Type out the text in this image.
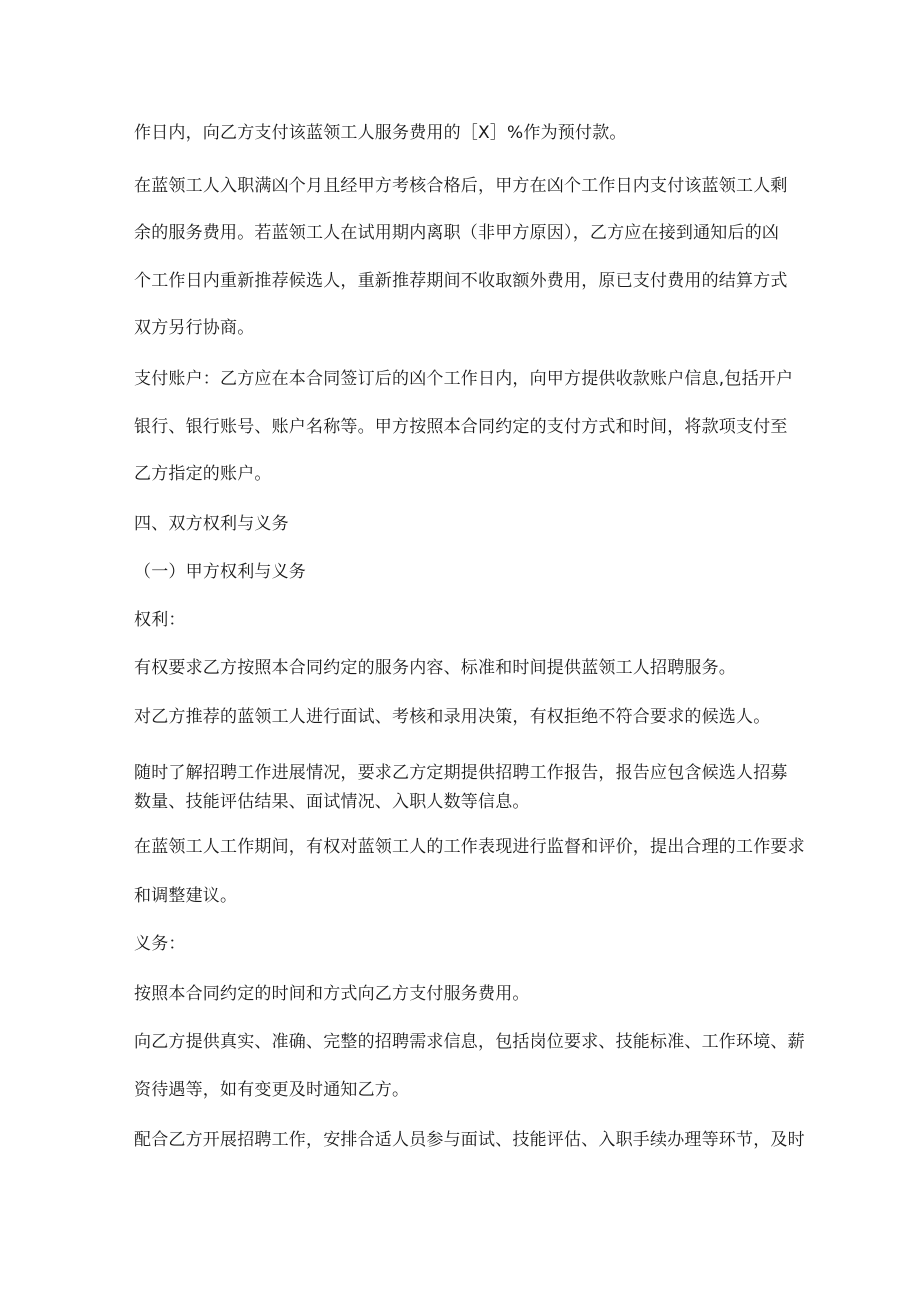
作日内，向乙方支付该蓝领工人服务费用的［X］%作为预付款。

在蓝领工人入职满凶个月且经甲方考核合格后，甲方在凶个工作日内支付该蓝领工人剩

余的服务费用。若蓝领工人在试用期内离职（非甲方原因），乙方应在接到通知后的凶

个工作日内重新推荐候选人，重新推荐期间不收取额外费用，原已支付费用的结算方式

双方另行协商。

支付账户：乙方应在本合同签订后的凶个工作日内，向甲方提供收款账户信息,包括开户

银行、银行账号、账户名称等。甲方按照本合同约定的支付方式和时间，将款项支付至

乙方指定的账户。

四、双方权利与义务

（一）甲方权利与义务

权利：

有权要求乙方按照本合同约定的服务内容、标准和时间提供蓝领工人招聘服务。

对乙方推荐的蓝领工人进行面试、考核和录用决策，有权拒绝不符合要求的候选人。

随时了解招聘工作进展情况，要求乙方定期提供招聘工作报告，报告应包含候选人招募

数量、技能评估结果、面试情况、入职人数等信息。

在蓝领工人工作期间，有权对蓝领工人的工作表现进行监督和评价，提出合理的工作要求

和调整建议。

义务：

按照本合同约定的时间和方式向乙方支付服务费用。

向乙方提供真实、准确、完整的招聘需求信息，包括岗位要求、技能标准、工作环境、薪

资待遇等，如有变更及时通知乙方。

配合乙方开展招聘工作，安排合适人员参与面试、技能评估、入职手续办理等环节，及时
